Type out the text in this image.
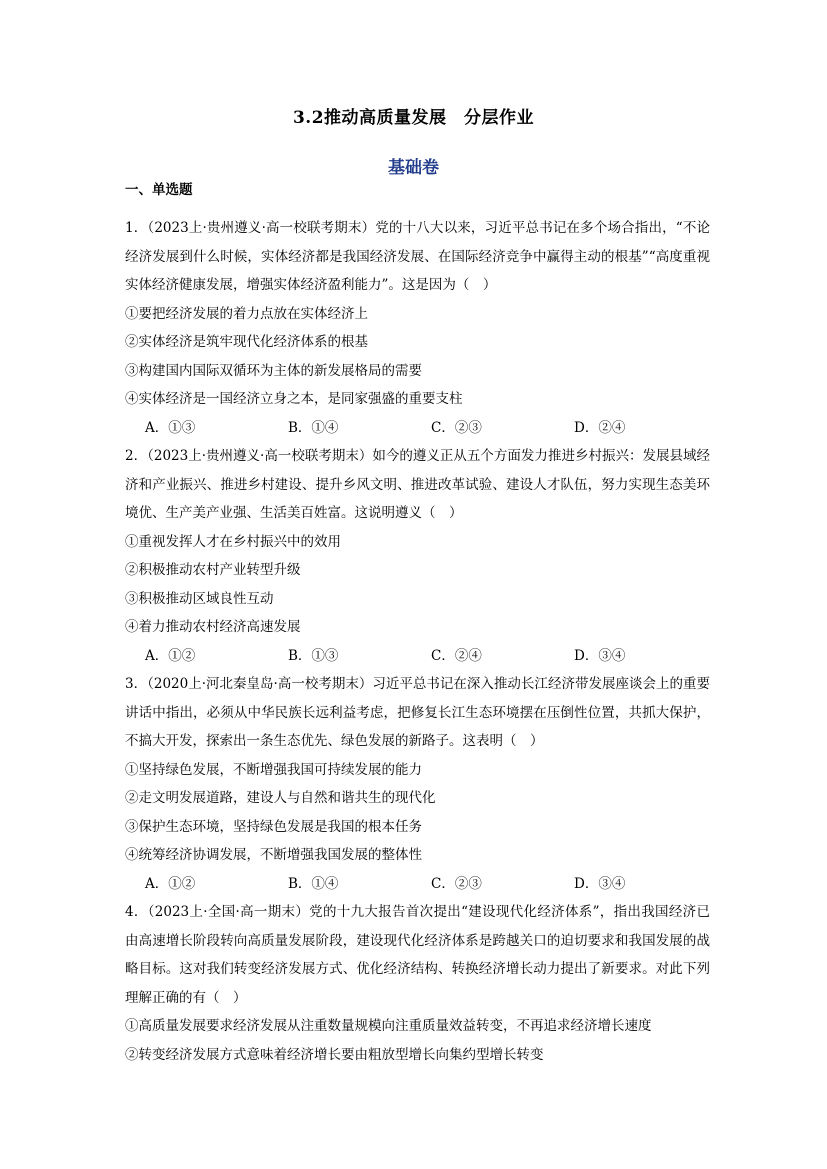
3.2推动高质量发展　分层作业
基础卷
一、单选题

1．（2023上·贵州遵义·高一校联考期末）党的十八大以来，习近平总书记在多个场合指出，“不论经济发展到什么时候，实体经济都是我国经济发展、在国际经济竞争中赢得主动的根基”“高度重视实体经济健康发展，增强实体经济盈利能力”。这是因为（　）

①要把经济发展的着力点放在实体经济上

②实体经济是筑牢现代化经济体系的根基

③构建国内国际双循环为主体的新发展格局的需要

④实体经济是一国经济立身之本，是同家强盛的重要支柱

A．①③	B．①④	C．②③	D．②④

2．（2023上·贵州遵义·高一校联考期末）如今的遵义正从五个方面发力推进乡村振兴：发展县域经济和产业振兴、推进乡村建设、提升乡风文明、推进改革试验、建设人才队伍，努力实现生态美环境优、生产美产业强、生活美百姓富。这说明遵义（　）

①重视发挥人才在乡村振兴中的效用

②积极推动农村产业转型升级

③积极推动区域良性互动

④着力推动农村经济高速发展

A．①②	B．①③	C．②④	D．③④

3．（2020上·河北秦皇岛·高一校考期末）习近平总书记在深入推动长江经济带发展座谈会上的重要讲话中指出，必须从中华民族长远利益考虑，把修复长江生态环境摆在压倒性位置，共抓大保护，不搞大开发，探索出一条生态优先、绿色发展的新路子。这表明（　）

①坚持绿色发展，不断增强我国可持续发展的能力

②走文明发展道路，建设人与自然和谐共生的现代化

③保护生态环境，坚持绿色发展是我国的根本任务

④统筹经济协调发展，不断增强我国发展的整体性

A．①②	B．①④	C．②③	D．③④

4．（2023上·全国·高一期末）党的十九大报告首次提出“建设现代化经济体系”，指出我国经济已由高速增长阶段转向高质量发展阶段，建设现代化经济体系是跨越关口的迫切要求和我国发展的战略目标。这对我们转变经济发展方式、优化经济结构、转换经济增长动力提出了新要求。对此下列理解正确的有（　）

①高质量发展要求经济发展从注重数量规模向注重质量效益转变，不再追求经济增长速度

②转变经济发展方式意味着经济增长要由粗放型增长向集约型增长转变
